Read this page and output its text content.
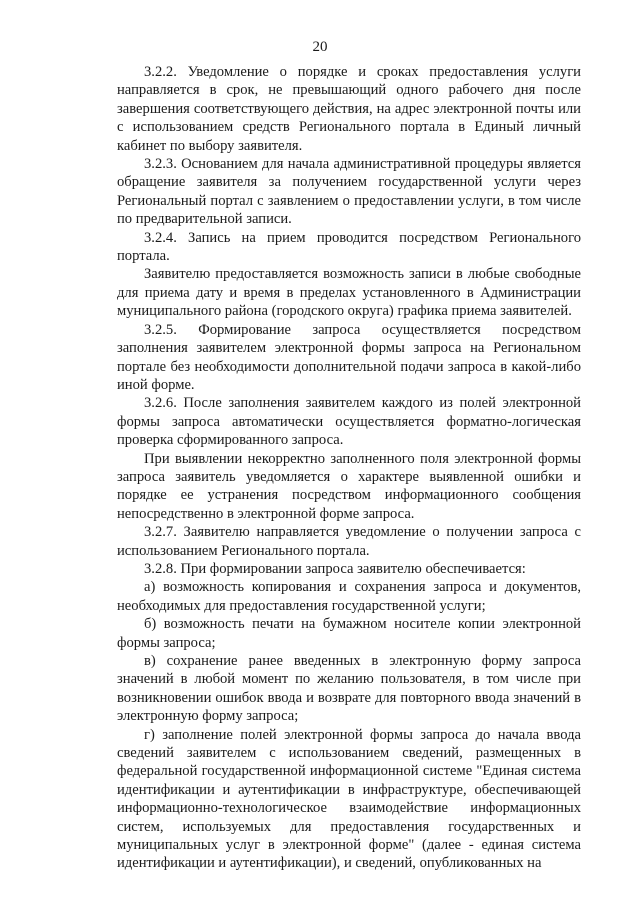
20

3.2.2. Уведомление о порядке и сроках предоставления услуги направляется в срок, не превышающий одного рабочего дня после завершения соответствующего действия, на адрес электронной почты или с использованием средств Регионального портала в Единый личный кабинет по выбору заявителя.

3.2.3. Основанием для начала административной процедуры является обращение заявителя за получением государственной услуги через Региональный портал с заявлением о предоставлении услуги, в том числе по предварительной записи.

3.2.4. Запись на прием проводится посредством Регионального портала.

Заявителю предоставляется возможность записи в любые свободные для приема дату и время в пределах установленного в Администрации муниципального района (городского округа) графика приема заявителей.

3.2.5. Формирование запроса осуществляется посредством заполнения заявителем электронной формы запроса на Региональном портале без необходимости дополнительной подачи запроса в какой-либо иной форме.

3.2.6. После заполнения заявителем каждого из полей электронной формы запроса автоматически осуществляется форматно-логическая проверка сформированного запроса.

При выявлении некорректно заполненного поля электронной формы запроса заявитель уведомляется о характере выявленной ошибки и порядке ее устранения посредством информационного сообщения непосредственно в электронной форме запроса.

3.2.7. Заявителю направляется уведомление о получении запроса с использованием Регионального портала.

3.2.8. При формировании запроса заявителю обеспечивается:

а) возможность копирования и сохранения запроса и документов, необходимых для предоставления государственной услуги;

б) возможность печати на бумажном носителе копии электронной формы запроса;

в) сохранение ранее введенных в электронную форму запроса значений в любой момент по желанию пользователя, в том числе при возникновении ошибок ввода и возврате для повторного ввода значений в электронную форму запроса;

г) заполнение полей электронной формы запроса до начала ввода сведений заявителем с использованием сведений, размещенных в федеральной государственной информационной системе "Единая система идентификации и аутентификации в инфраструктуре, обеспечивающей информационно-технологическое взаимодействие информационных систем, используемых для предоставления государственных и муниципальных услуг в электронной форме" (далее - единая система идентификации и аутентификации), и сведений, опубликованных на
